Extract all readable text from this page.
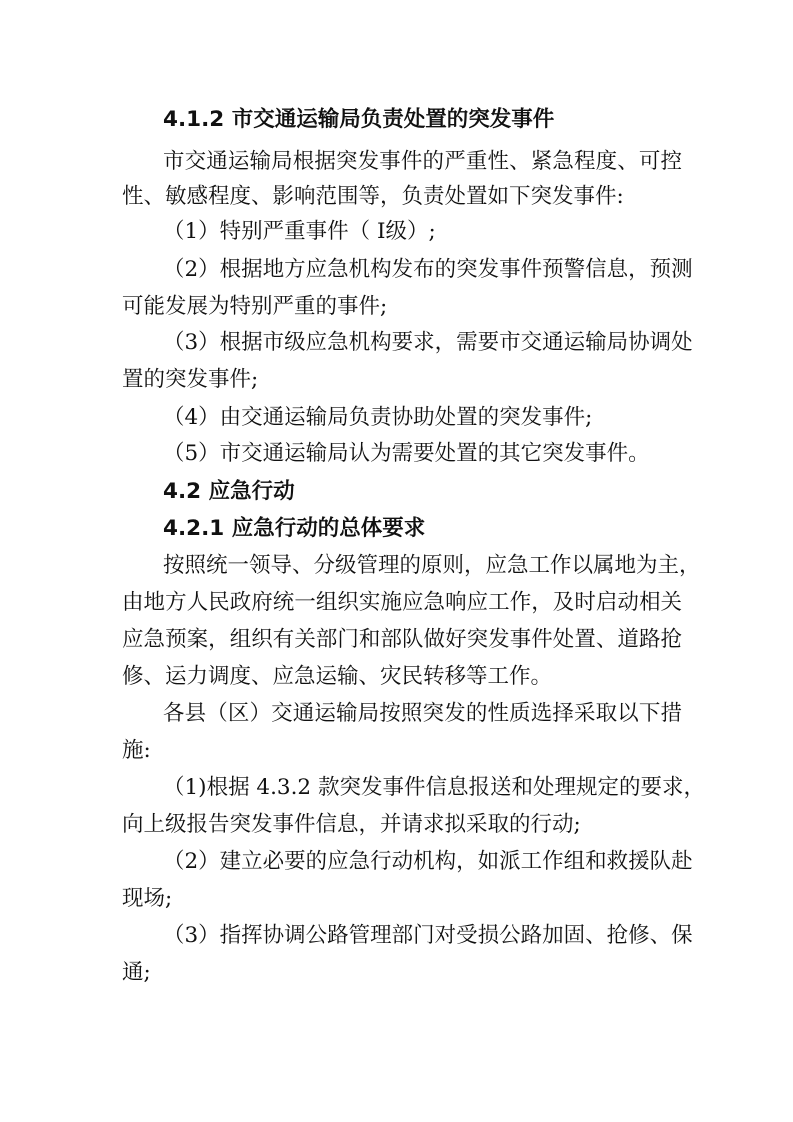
4.1.2 市交通运输局负责处置的突发事件
市交通运输局根据突发事件的严重性、紧急程度、可控
性、敏感程度、影响范围等，负责处置如下突发事件:
（1）特别严重事件（ Ⅰ级）;
（2）根据地方应急机构发布的突发事件预警信息，预测
可能发展为特别严重的事件;
（3）根据市级应急机构要求，需要市交通运输局协调处
置的突发事件;
（4）由交通运输局负责协助处置的突发事件;
（5）市交通运输局认为需要处置的其它突发事件。
4.2 应急行动
4.2.1 应急行动的总体要求
按照统一领导、分级管理的原则，应急工作以属地为主，
由地方人民政府统一组织实施应急响应工作，及时启动相关
应急预案，组织有关部门和部队做好突发事件处置、道路抢
修、运力调度、应急运输、灾民转移等工作。
各县（区）交通运输局按照突发的性质选择采取以下措
施:
（1)根据 4.3.2 款突发事件信息报送和处理规定的要求，
向上级报告突发事件信息，并请求拟采取的行动;
（2）建立必要的应急行动机构，如派工作组和救援队赴
现场;
（3）指挥协调公路管理部门对受损公路加固、抢修、保
通;
